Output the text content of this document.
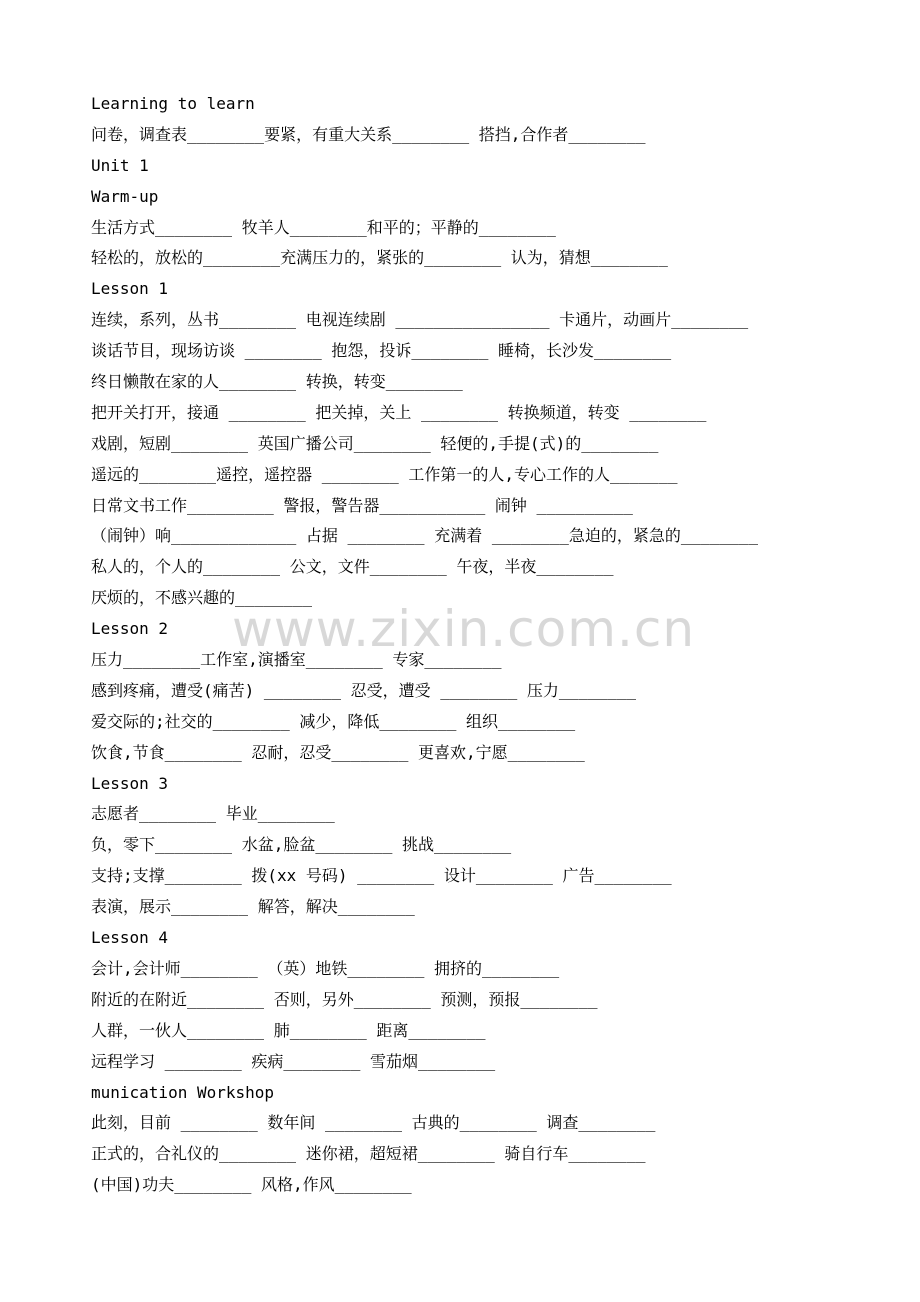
www.zixin.com.cn
Learning to learn
问卷，调查表________要紧，有重大关系________ 搭挡,合作者________
Unit 1
Warm-up
生活方式________ 牧羊人________和平的；平静的________
轻松的，放松的________充满压力的，紧张的________ 认为，猜想________
Lesson 1
连续，系列，丛书________ 电视连续剧 ________________ 卡通片，动画片________
谈话节目，现场访谈 ________ 抱怨，投诉________ 睡椅，长沙发________
终日懒散在家的人________ 转换，转变________
把开关打开，接通 ________ 把关掉，关上 ________ 转换频道，转变 ________
戏剧，短剧________ 英国广播公司________ 轻便的,手提(式)的________
遥远的________遥控，遥控器 ________ 工作第一的人,专心工作的人_______
日常文书工作_________ 警报，警告器___________ 闹钟 __________
（闹钟）响_____________ 占据 ________ 充满着 ________急迫的，紧急的________
私人的，个人的________ 公文，文件________ 午夜，半夜________
厌烦的，不感兴趣的________
Lesson 2
压力________工作室,演播室________ 专家________
感到疼痛，遭受(痛苦) ________ 忍受，遭受 ________ 压力________
爱交际的;社交的________ 减少，降低________ 组织________
饮食,节食________ 忍耐，忍受________ 更喜欢,宁愿________
Lesson 3
志愿者________ 毕业________
负，零下________ 水盆,脸盆________ 挑战________
支持;支撑________ 拨(xx 号码) ________ 设计________ 广告________
表演，展示________ 解答，解决________
Lesson 4
会计,会计师________ （英）地铁________ 拥挤的________
附近的在附近________ 否则，另外________ 预测，预报________
人群，一伙人________ 肺________ 距离________
远程学习 ________ 疾病________ 雪茄烟________
munication Workshop
此刻，目前 ________ 数年间 ________ 古典的________ 调查________
正式的，合礼仪的________ 迷你裙，超短裙________ 骑自行车________
(中国)功夫________ 风格,作风________
